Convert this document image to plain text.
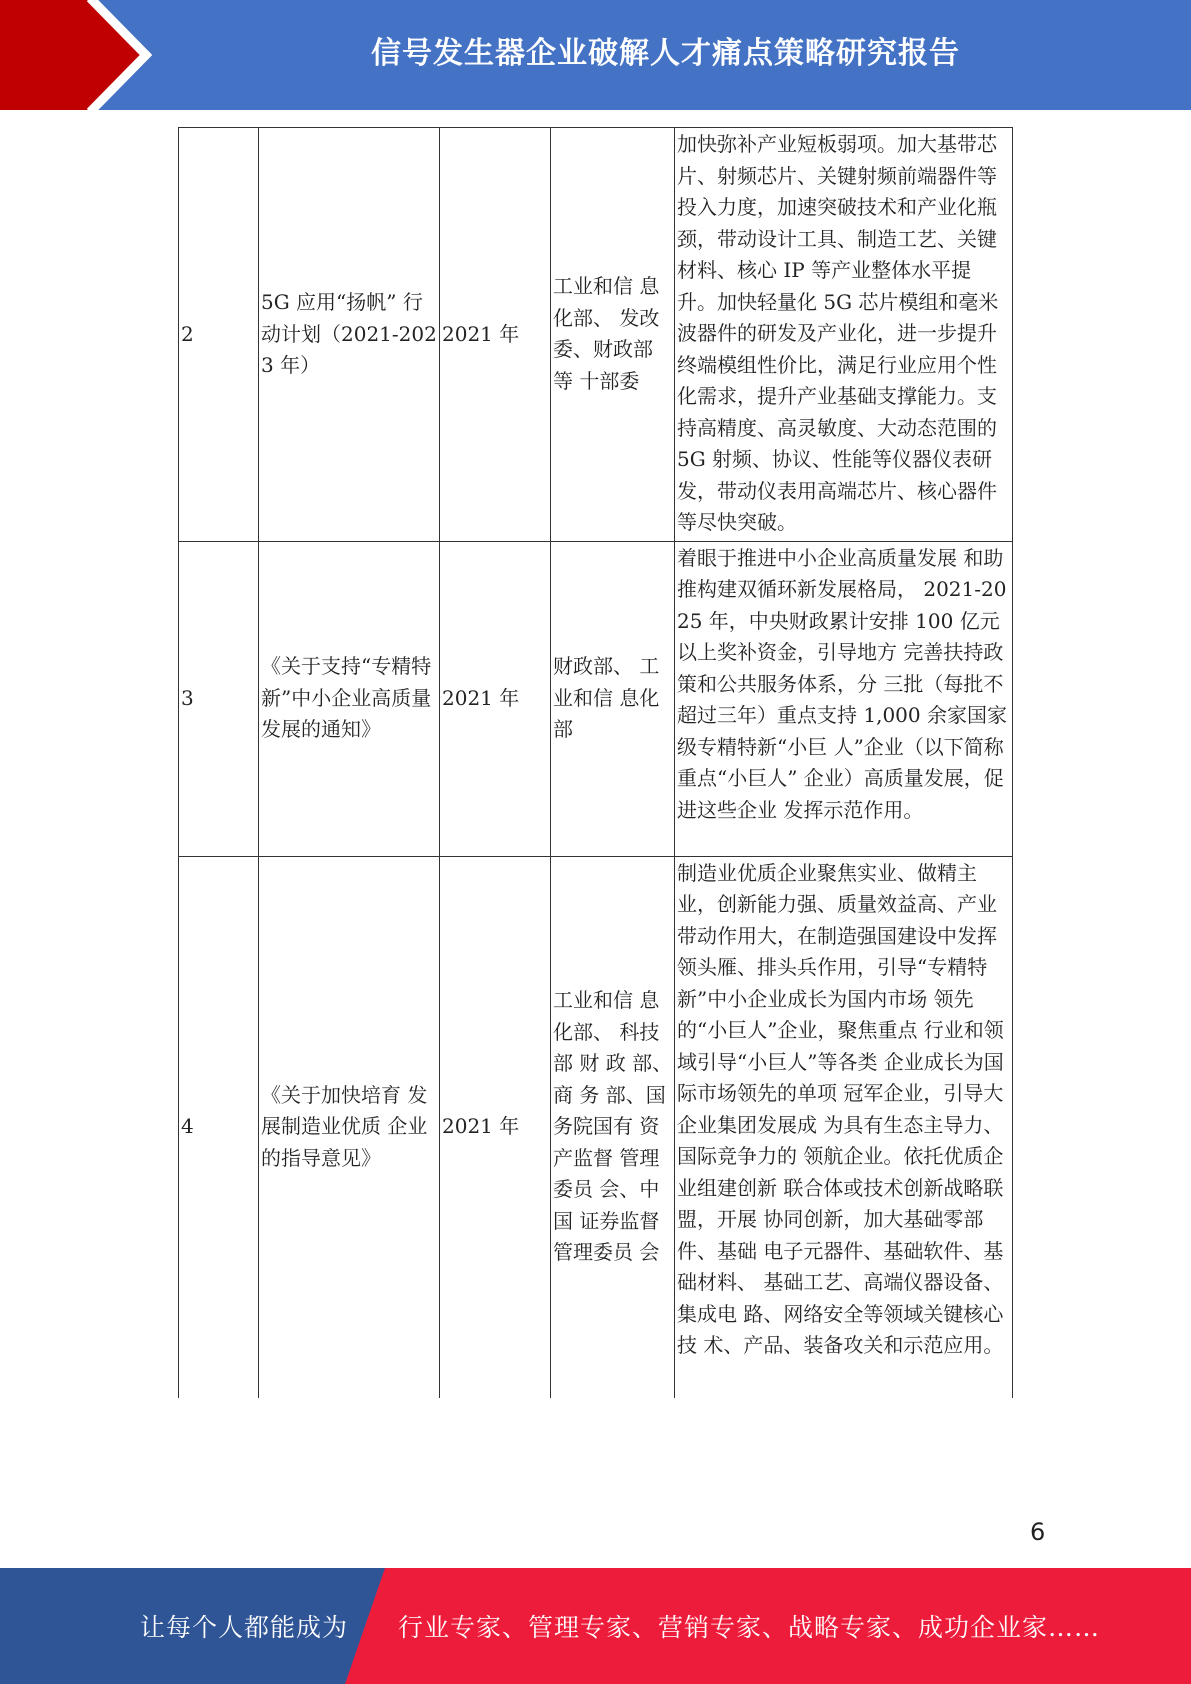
信号发生器企业破解人才痛点策略研究报告
2	5G 应用“扬帆” 行动计划（2021-2023 年）	2021 年	工业和信 息化部、 发改委、财政部 等 十部委	加快弥补产业短板弱项。加大基带芯片、射频芯片、关键射频前端器件等投入力度，加速突破技术和产业化瓶颈，带动设计工具、制造工艺、关键材料、核心 IP 等产业整体水平提升。加快轻量化 5G 芯片模组和毫米波器件的研发及产业化，进一步提升终端模组性价比，满足行业应用个性化需求，提升产业基础支撑能力。支持高精度、高灵敏度、大动态范围的 5G 射频、协议、性能等仪器仪表研发，带动仪表用高端芯片、核心器件等尽快突破。
3	《关于支持“专精特新”中小企业高质量发展的通知》	2021 年	财政部、 工业和信 息化部	着眼于推进中小企业高质量发展 和助推构建双循环新发展格局， 2021-2025 年，中央财政累计安排 100 亿元以上奖补资金，引导地方 完善扶持政策和公共服务体系，分 三批（每批不超过三年）重点支持 1,000 余家国家级专精特新“小巨 人”企业（以下简称重点“小巨人” 企业）高质量发展，促进这些企业 发挥示范作用。
4	《关于加快培育 发展制造业优质 企业的指导意见》	2021 年	工业和信 息化部、 科技部 财 政 部、商 务 部、国 务院国有 资产监督 管理委员 会、中国 证券监督 管理委员 会	制造业优质企业聚焦实业、做精主业，创新能力强、质量效益高、产业带动作用大，在制造强国建设中发挥领头雁、排头兵作用，引导“专精特新”中小企业成长为国内市场 领先的“小巨人”企业，聚焦重点 行业和领域引导“小巨人”等各类 企业成长为国际市场领先的单项 冠军企业，引导大企业集团发展成 为具有生态主导力、国际竞争力的 领航企业。依托优质企业组建创新 联合体或技术创新战略联盟，开展 协同创新，加大基础零部件、基础 电子元器件、基础软件、基础材料、 基础工艺、高端仪器设备、集成电 路、网络安全等领域关键核心技 术、产品、装备攻关和示范应用。
6
让每个人都能成为 行业专家、管理专家、营销专家、战略专家、成功企业家……
